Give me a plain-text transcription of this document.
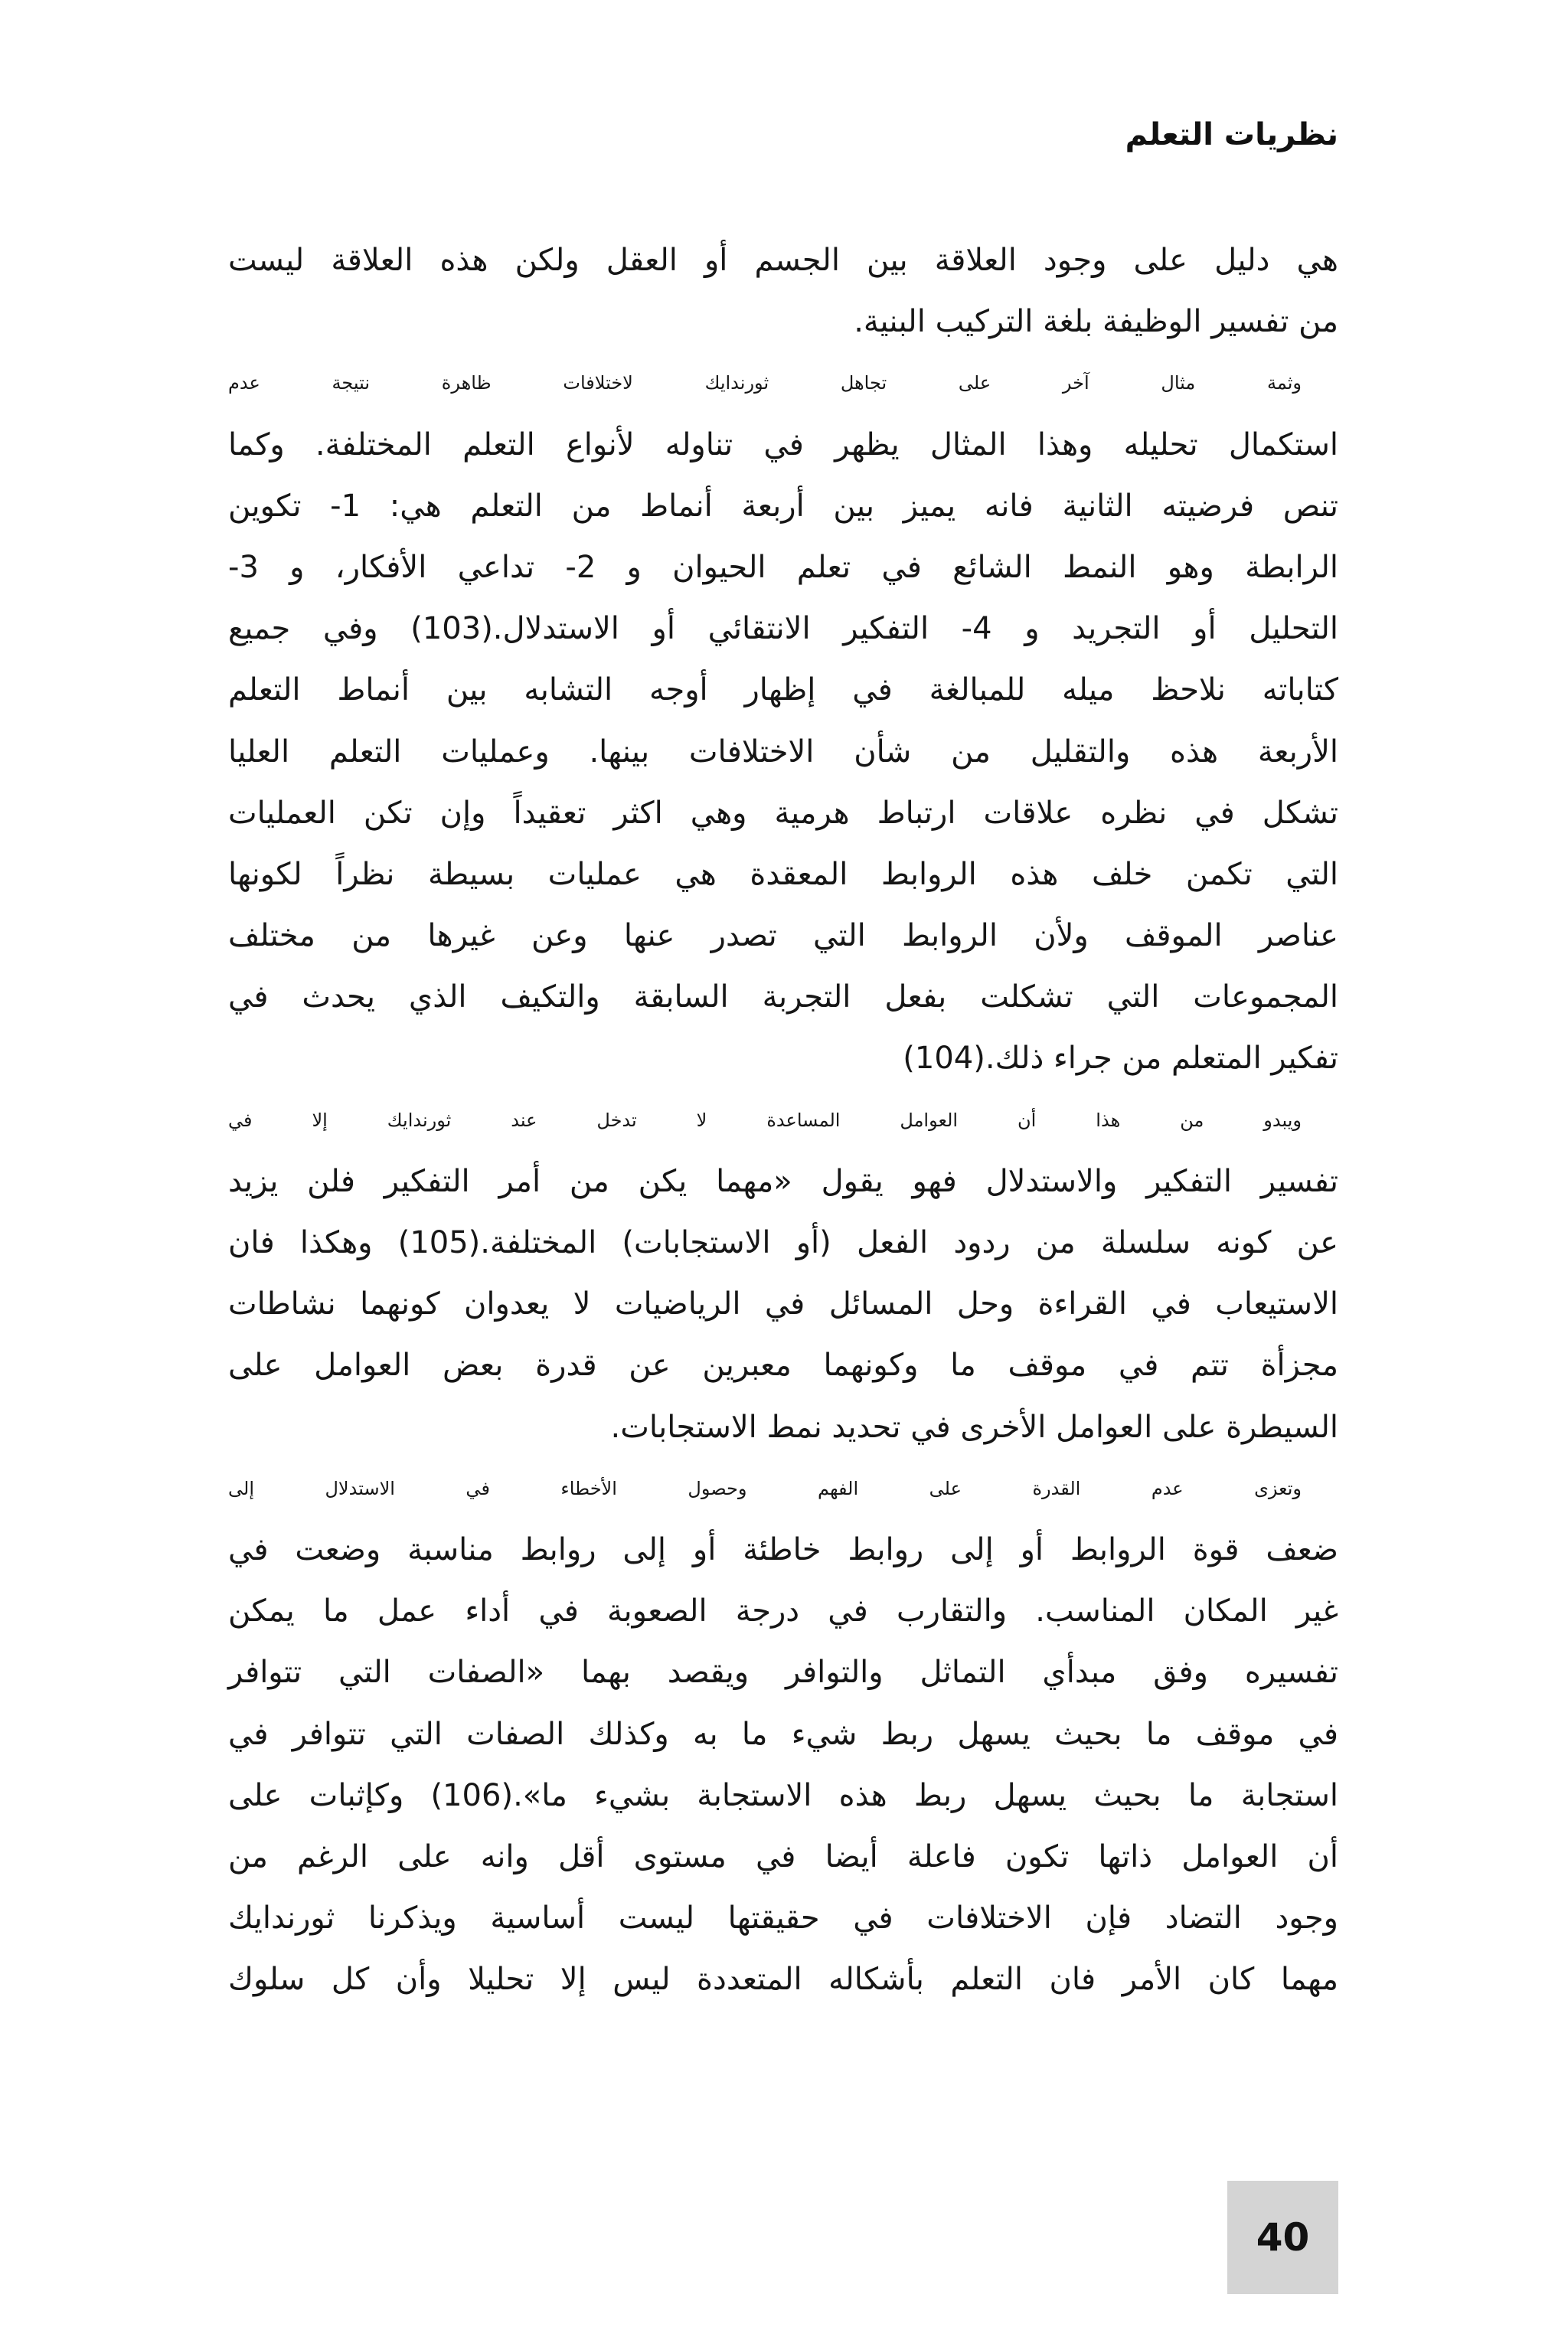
نظريات التعلم
هي دليل على وجود العلاقة بين الجسم أو العقل ولكن هذه العلاقة ليست
من تفسير الوظيفة بلغة التركيب البنية.
وثمة مثال آخر على تجاهل ثورندايك لاختلافات ظاهرة نتيجة عدم
استكمال تحليله وهذا المثال يظهر في تناوله لأنواع التعلم المختلفة. وكما
تنص فرضيته الثانية فانه يميز بين أربعة أنماط من التعلم هي: 1- تكوين
الرابطة وهو النمط الشائع في تعلم الحيوان و 2- تداعي الأفكار، و 3-
التحليل أو التجريد و 4- التفكير الانتقائي أو الاستدلال.(103) وفي جميع
كتاباته نلاحظ ميله للمبالغة في إظهار أوجه التشابه بين أنماط التعلم
الأربعة هذه والتقليل من شأن الاختلافات بينها. وعمليات التعلم العليا
تشكل في نظره علاقات ارتباط هرمية وهي اكثر تعقيداً وإن تكن العمليات
التي تكمن خلف هذه الروابط المعقدة هي عمليات بسيطة نظراً لكونها
عناصر الموقف ولأن الروابط التي تصدر عنها وعن غيرها من مختلف
المجموعات التي تشكلت بفعل التجربة السابقة والتكيف الذي يحدث في
تفكير المتعلم من جراء ذلك.(104)
ويبدو من هذا أن العوامل المساعدة لا تدخل عند ثورندايك إلا في
تفسير التفكير والاستدلال فهو يقول «مهما يكن من أمر التفكير فلن يزيد
عن كونه سلسلة من ردود الفعل (أو الاستجابات) المختلفة.(105) وهكذا فان
الاستيعاب في القراءة وحل المسائل في الرياضيات لا يعدوان كونهما نشاطات
مجزأة تتم في موقف ما وكونهما معبرين عن قدرة بعض العوامل على
السيطرة على العوامل الأخرى في تحديد نمط الاستجابات.
وتعزى عدم القدرة على الفهم وحصول الأخطاء في الاستدلال إلى
ضعف قوة الروابط أو إلى روابط خاطئة أو إلى روابط مناسبة وضعت في
غير المكان المناسب. والتقارب في درجة الصعوبة في أداء عمل ما يمكن
تفسيره وفق مبدأي التماثل والتوافر ويقصد بهما «الصفات التي تتوافر
في موقف ما بحيث يسهل ربط شيء ما به وكذلك الصفات التي تتوافر في
استجابة ما بحيث يسهل ربط هذه الاستجابة بشيء ما».(106) وكإثبات على
أن العوامل ذاتها تكون فاعلة أيضا في مستوى أقل وانه على الرغم من
وجود التضاد فإن الاختلافات في حقيقتها ليست أساسية ويذكرنا ثورندايك
مهما كان الأمر فان التعلم بأشكاله المتعددة ليس إلا تحليلا وأن كل سلوك
40
